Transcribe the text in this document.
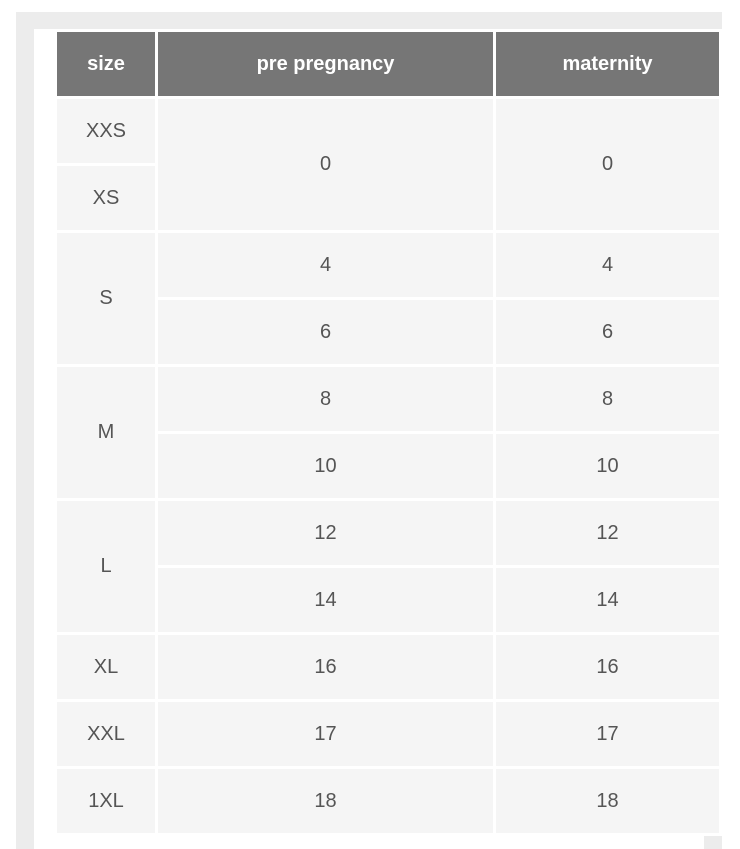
size	pre pregnancy	maternity
XXS	0	0
XS		
S	4	4
	6	6
M	8	8
	10	10
L	12	12
	14	14
XL	16	16
XXL	17	17
1XL	18	18
